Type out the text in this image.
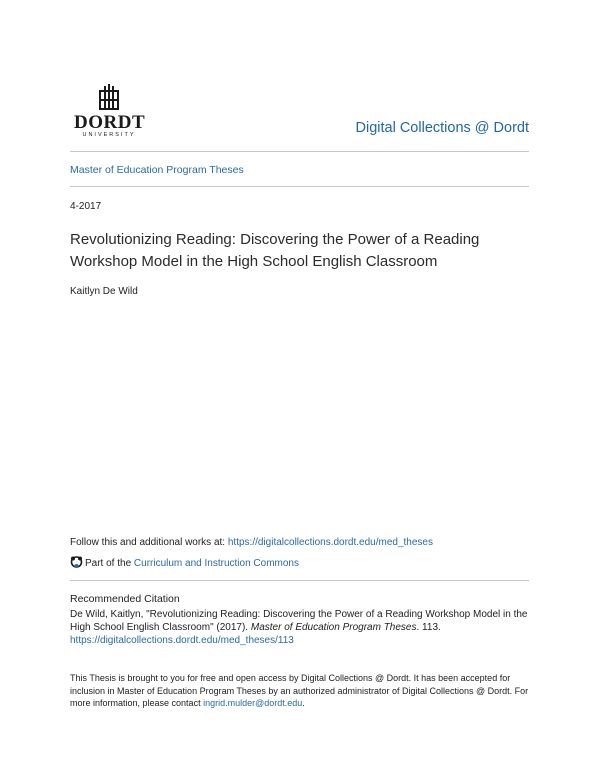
DORDT
UNIVERSITY	Digital Collections @ Dordt
Master of Education Program Theses
4-2017
Revolutionizing Reading: Discovering the Power of a Reading Workshop Model in the High School English Classroom
Kaitlyn De Wild
Follow this and additional works at: https://digitalcollections.dordt.edu/med_theses
Part of the Curriculum and Instruction Commons
Recommended Citation
De Wild, Kaitlyn, "Revolutionizing Reading: Discovering the Power of a Reading Workshop Model in the
High School English Classroom" (2017). Master of Education Program Theses. 113.
https://digitalcollections.dordt.edu/med_theses/113
This Thesis is brought to you for free and open access by Digital Collections @ Dordt. It has been accepted for
inclusion in Master of Education Program Theses by an authorized administrator of Digital Collections @ Dordt. For
more information, please contact ingrid.mulder@dordt.edu.
